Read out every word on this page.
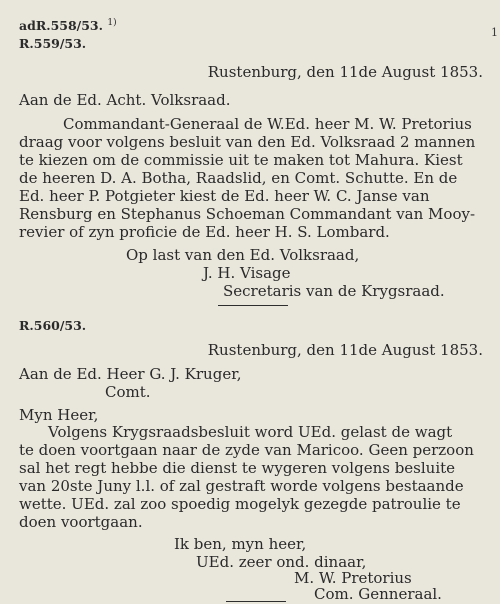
1
adR.558/53. $^{1)}$
R.559/53.
Rustenburg, den 11de August 1853.
Aan de Ed. Acht. Volksraad.
Commandant-Generaal de W.Ed. heer M. W. Pretorius
draag voor volgens besluit van den Ed. Volksraad 2 mannen
te kiezen om de commissie uit te maken tot Mahura. Kiest
de heeren D. A. Botha, Raadslid, en Comt. Schutte. En de
Ed. heer P. Potgieter kiest de Ed. heer W. C. Janse van
Rensburg en Stephanus Schoeman Commandant van Mooy-
revier of zyn proficie de Ed. heer H. S. Lombard.
Op last van den Ed. Volksraad,
J. H. Visage
Secretaris van de Krygsraad.
R.560/53.
Rustenburg, den 11de August 1853.
Aan de Ed. Heer G. J. Kruger,
Comt.
Myn Heer,
Volgens Krygsraadsbesluit word UEd. gelast de wagt
te doen voortgaan naar de zyde van Maricoo. Geen perzoon
sal het regt hebbe die dienst te wygeren volgens besluite
van 20ste Juny l.l. of zal gestraft worde volgens bestaande
wette. UEd. zal zoo spoedig mogelyk gezegde patroulie te
doen voortgaan.
Ik ben, myn heer,
UEd. zeer ond. dinaar,
M. W. Pretorius
Com. Genneraal.
